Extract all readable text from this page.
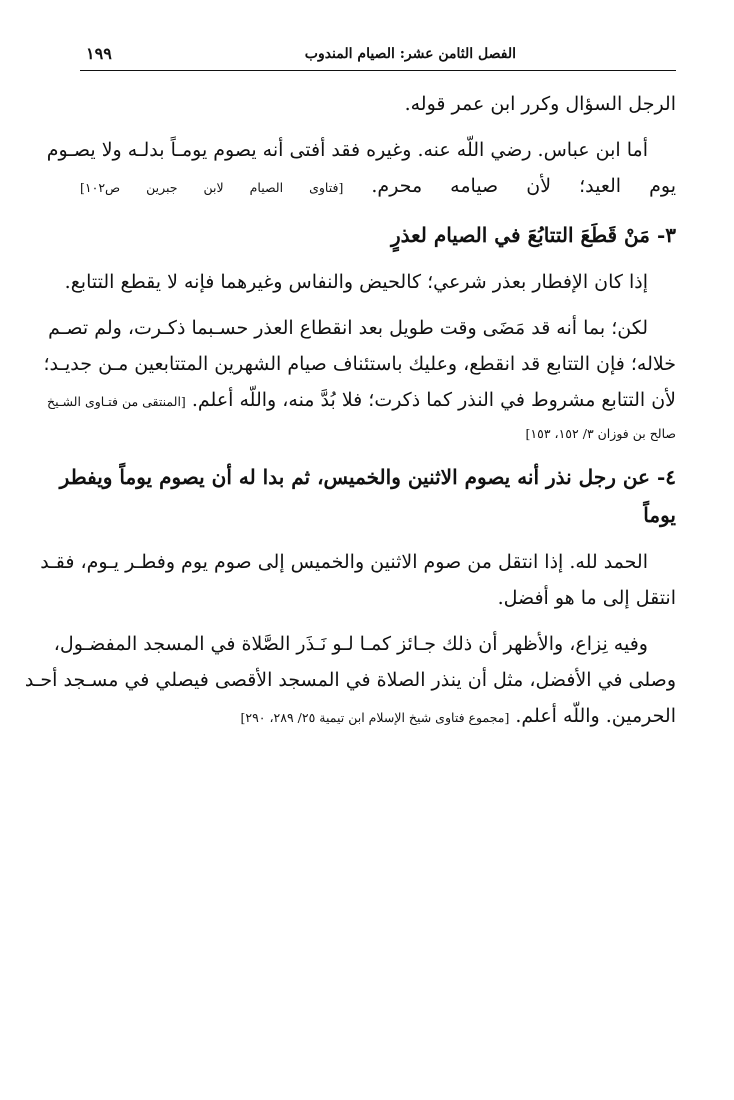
الفصل الثامن عشر: الصيام المندوب
١٩٩
الرجل السؤال وكرر ابن عمر قوله.
أما ابن عباس. رضي اللّه عنه. وغيره فقد أفتى أنه يصوم يومـاً بدلـه ولا يصـوم
يوم العيد؛ لأن صيامه محرم. [فتاوى الصيام لابن جبرين ص١٠٢]
٣- مَنْ قَطَعَ التتابُعَ في الصيام لعذرٍ
إذا كان الإفطار بعذر شرعي؛ كالحيض والنفاس وغيرهما فإنه لا يقطع التتابع.
لكن؛ بما أنه قد مَضَى وقت طويل بعد انقطاع العذر حسـبما ذكـرت، ولم تصـم
خلاله؛ فإن التتابع قد انقطع، وعليك باستئناف صيام الشهرين المتتابعين مـن جديـد؛
لأن التتابع مشروط في النذر كما ذكرت؛ فلا بُدَّ منه، واللّه أعلم. [المنتقى من فتـاوى الشـيخ
صالح بن فوزان ٣/ ١٥٢، ١٥٣]
٤- عن رجل نذر أنه يصوم الاثنين والخميس، ثم بدا له أن يصوم يوماً ويفطر
يوماً
الحمد لله. إذا انتقل من صوم الاثنين والخميس إلى صوم يوم وفطـر يـوم، فقـد
انتقل إلى ما هو أفضل.
وفيه نِزاع، والأظهر أن ذلك جـائز كمـا لـو نَـذَر الصَّلاة في المسجد المفضـول،
وصلى في الأفضل، مثل أن ينذر الصلاة في المسجد الأقصى فيصلي في مسـجد أحـد
الحرمين. واللّه أعلم. [مجموع فتاوى شيخ الإسلام ابن تيمية ٢٥/ ٢٨٩، ٢٩٠]
